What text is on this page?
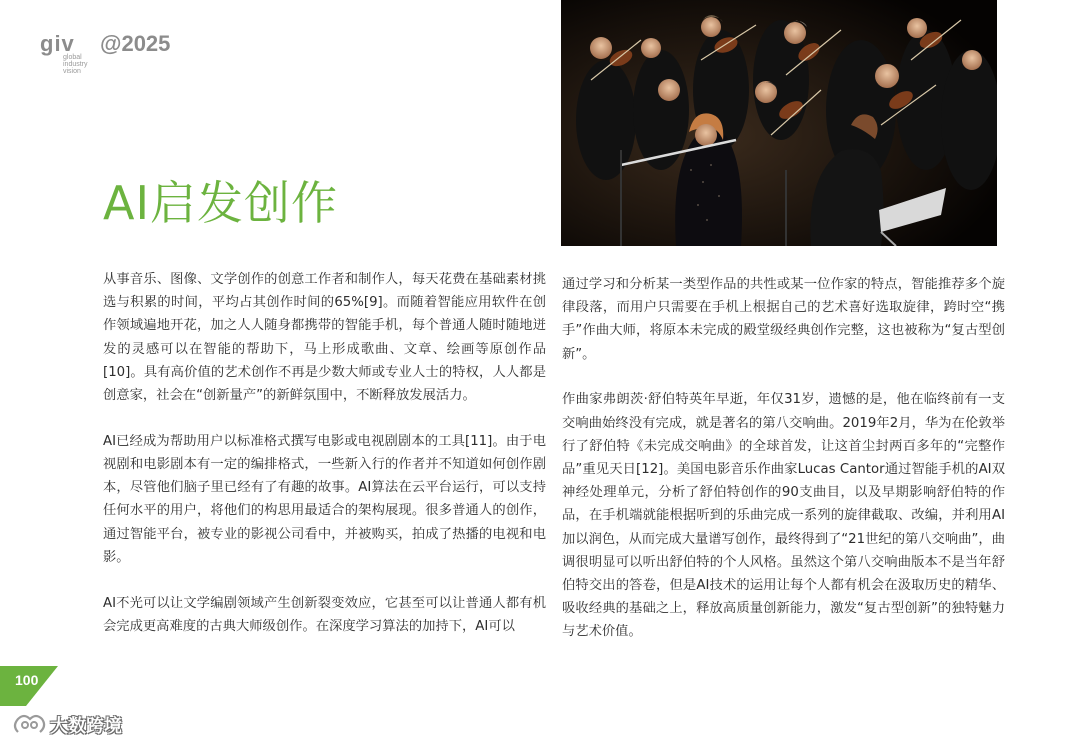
giv
global
industry
vision
@2025
AI启发创作

从事音乐、图像、文学创作的创意工作者和制作人，每天花费在基础素材挑选与积累的时间，平均占其创作时间的65%[9]。而随着智能应用软件在创作领域遍地开花，加之人人随身都携带的智能手机，每个普通人随时随地迸发的灵感可以在智能的帮助下，马上形成歌曲、文章、绘画等原创作品[10]。具有高价值的艺术创作不再是少数大师或专业人士的特权，人人都是创意家，社会在“创新量产”的新鲜氛围中，不断释放发展活力。

AI已经成为帮助用户以标准格式撰写电影或电视剧剧本的工具[11]。由于电视剧和电影剧本有一定的编排格式，一些新入行的作者并不知道如何创作剧本，尽管他们脑子里已经有了有趣的故事。AI算法在云平台运行，可以支持任何水平的用户，将他们的构思用最适合的架构展现。很多普通人的创作，通过智能平台，被专业的影视公司看中，并被购买，拍成了热播的电视和电影。

AI不光可以让文学编剧领域产生创新裂变效应，它甚至可以让普通人都有机会完成更高难度的古典大师级创作。在深度学习算法的加持下，AI可以

通过学习和分析某一类型作品的共性或某一位作家的特点，智能推荐多个旋律段落，而用户只需要在手机上根据自己的艺术喜好选取旋律，跨时空“携手”作曲大师，将原本未完成的殿堂级经典创作完整，这也被称为“复古型创新”。

作曲家弗朗茨·舒伯特英年早逝，年仅31岁，遗憾的是，他在临终前有一支交响曲始终没有完成，就是著名的第八交响曲。2019年2月，华为在伦敦举行了舒伯特《未完成交响曲》的全球首发，让这首尘封两百多年的“完整作品”重见天日[12]。美国电影音乐作曲家Lucas Cantor通过智能手机的AI双神经处理单元，分析了舒伯特创作的90支曲目，以及早期影响舒伯特的作品，在手机端就能根据听到的乐曲完成一系列的旋律截取、改编，并利用AI加以润色，从而完成大量谱写创作，最终得到了“21世纪的第八交响曲”，曲调很明显可以听出舒伯特的个人风格。虽然这个第八交响曲版本不是当年舒伯特交出的答卷，但是AI技术的运用让每个人都有机会在汲取历史的精华、吸收经典的基础之上，释放高质量创新能力，激发“复古型创新”的独特魅力与艺术价值。

100
大数跨境
